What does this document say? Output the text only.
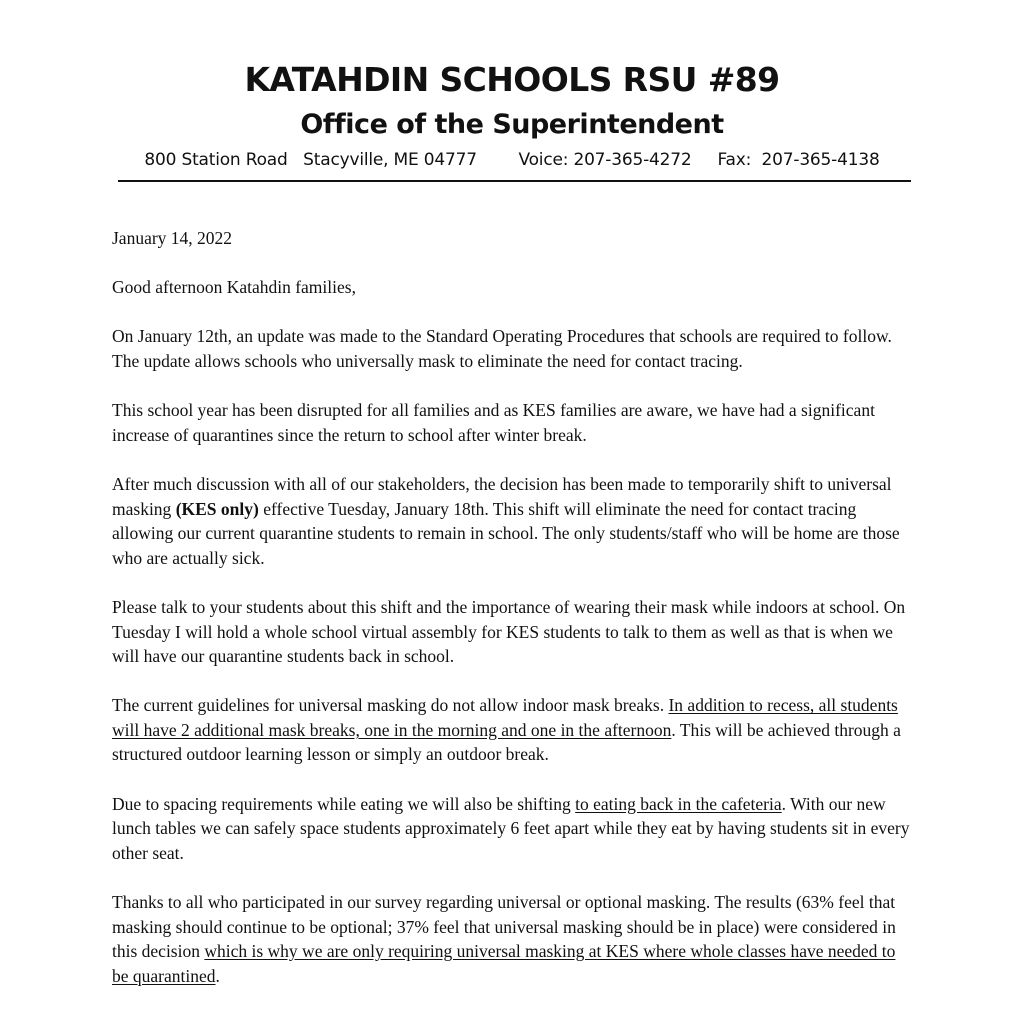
KATAHDIN SCHOOLS RSU #89
Office of the Superintendent
800 Station Road   Stacyville, ME 04777        Voice: 207-365-4272     Fax:  207-365-4138

January 14, 2022

Good afternoon Katahdin families,

On January 12th, an update was made to the Standard Operating Procedures that schools are required to follow. The update allows schools who universally mask to eliminate the need for contact tracing.

This school year has been disrupted for all families and as KES families are aware, we have had a significant increase of quarantines since the return to school after winter break.

After much discussion with all of our stakeholders, the decision has been made to temporarily shift to universal masking (KES only) effective Tuesday, January 18th. This shift will eliminate the need for contact tracing allowing our current quarantine students to remain in school. The only students/staff who will be home are those who are actually sick.

Please talk to your students about this shift and the importance of wearing their mask while indoors at school. On Tuesday I will hold a whole school virtual assembly for KES students to talk to them as well as that is when we will have our quarantine students back in school.

The current guidelines for universal masking do not allow indoor mask breaks. In addition to recess, all students will have 2 additional mask breaks, one in the morning and one in the afternoon. This will be achieved through a structured outdoor learning lesson or simply an outdoor break.

Due to spacing requirements while eating we will also be shifting to eating back in the cafeteria. With our new lunch tables we can safely space students approximately 6 feet apart while they eat by having students sit in every other seat.

Thanks to all who participated in our survey regarding universal or optional masking. The results (63% feel that masking should continue to be optional; 37% feel that universal masking should be in place) were considered in this decision which is why we are only requiring universal masking at KES where whole classes have needed to be quarantined.
